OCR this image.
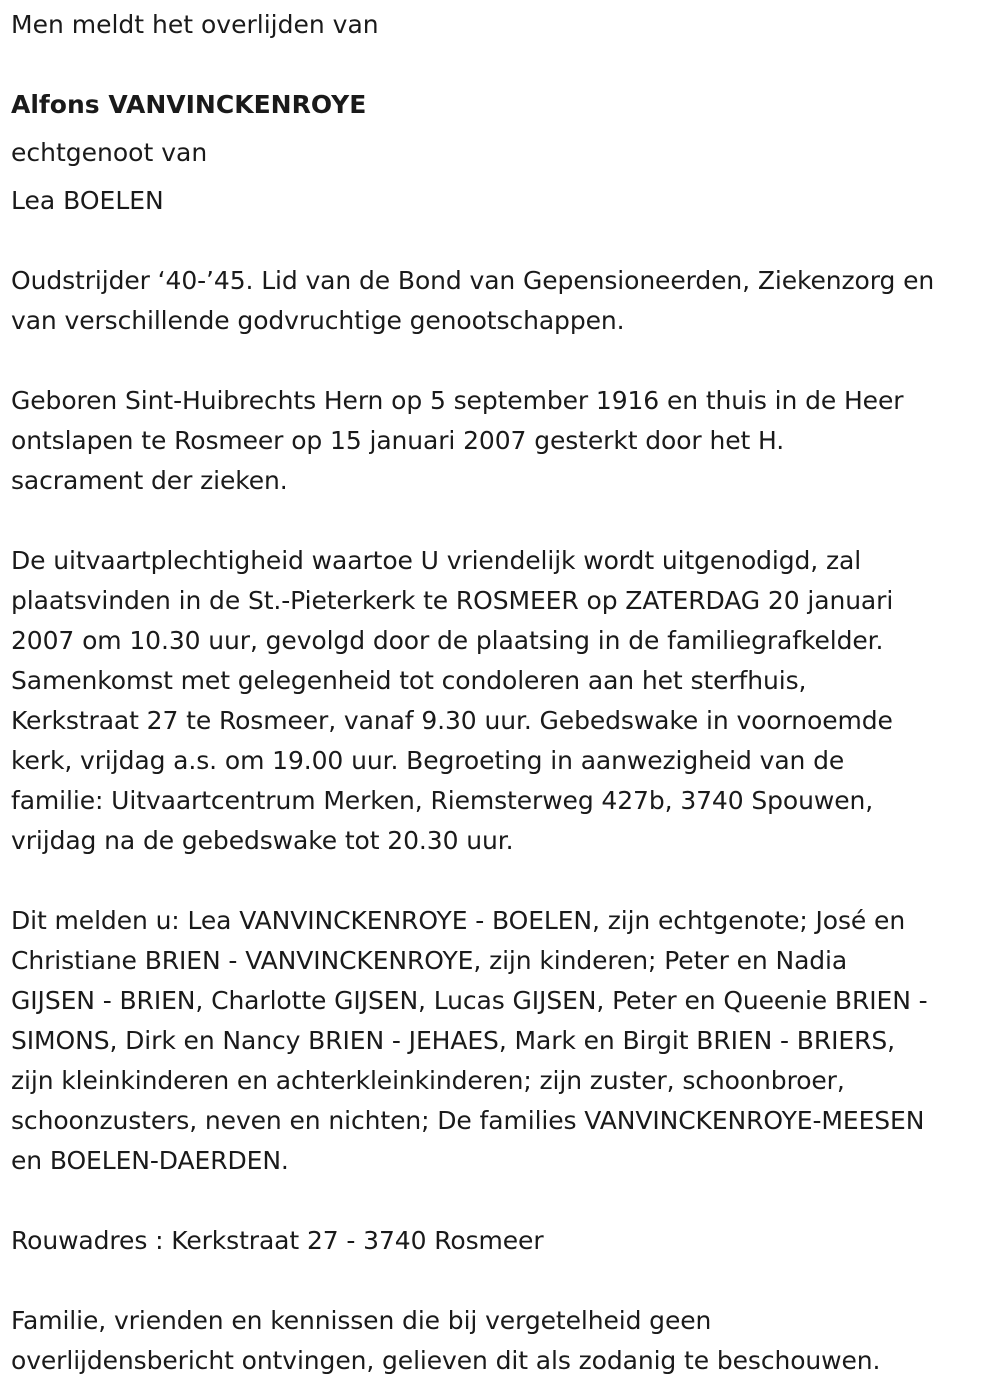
Men meldt het overlijden van
Alfons VANVINCKENROYE
echtgenoot van
Lea BOELEN
Oudstrijder ‘40-’45. Lid van de Bond van Gepensioneerden, Ziekenzorg en
van verschillende godvruchtige genootschappen.
Geboren Sint-Huibrechts Hern op 5 september 1916 en thuis in de Heer
ontslapen te Rosmeer op 15 januari 2007 gesterkt door het H.
sacrament der zieken.
De uitvaartplechtigheid waartoe U vriendelijk wordt uitgenodigd, zal
plaatsvinden in de St.-Pieterkerk te ROSMEER op ZATERDAG 20 januari
2007 om 10.30 uur, gevolgd door de plaatsing in de familiegrafkelder.
Samenkomst met gelegenheid tot condoleren aan het sterfhuis,
Kerkstraat 27 te Rosmeer, vanaf 9.30 uur. Gebedswake in voornoemde
kerk, vrijdag a.s. om 19.00 uur. Begroeting in aanwezigheid van de
familie: Uitvaartcentrum Merken, Riemsterweg 427b, 3740 Spouwen,
vrijdag na de gebedswake tot 20.30 uur.
Dit melden u: Lea VANVINCKENROYE - BOELEN, zijn echtgenote; José en
Christiane BRIEN - VANVINCKENROYE, zijn kinderen; Peter en Nadia
GIJSEN - BRIEN, Charlotte GIJSEN, Lucas GIJSEN, Peter en Queenie BRIEN -
SIMONS, Dirk en Nancy BRIEN - JEHAES, Mark en Birgit BRIEN - BRIERS,
zijn kleinkinderen en achterkleinkinderen; zijn zuster, schoonbroer,
schoonzusters, neven en nichten; De families VANVINCKENROYE-MEESEN
en BOELEN-DAERDEN.
Rouwadres : Kerkstraat 27 - 3740 Rosmeer
Familie, vrienden en kennissen die bij vergetelheid geen
overlijdensbericht ontvingen, gelieven dit als zodanig te beschouwen.
